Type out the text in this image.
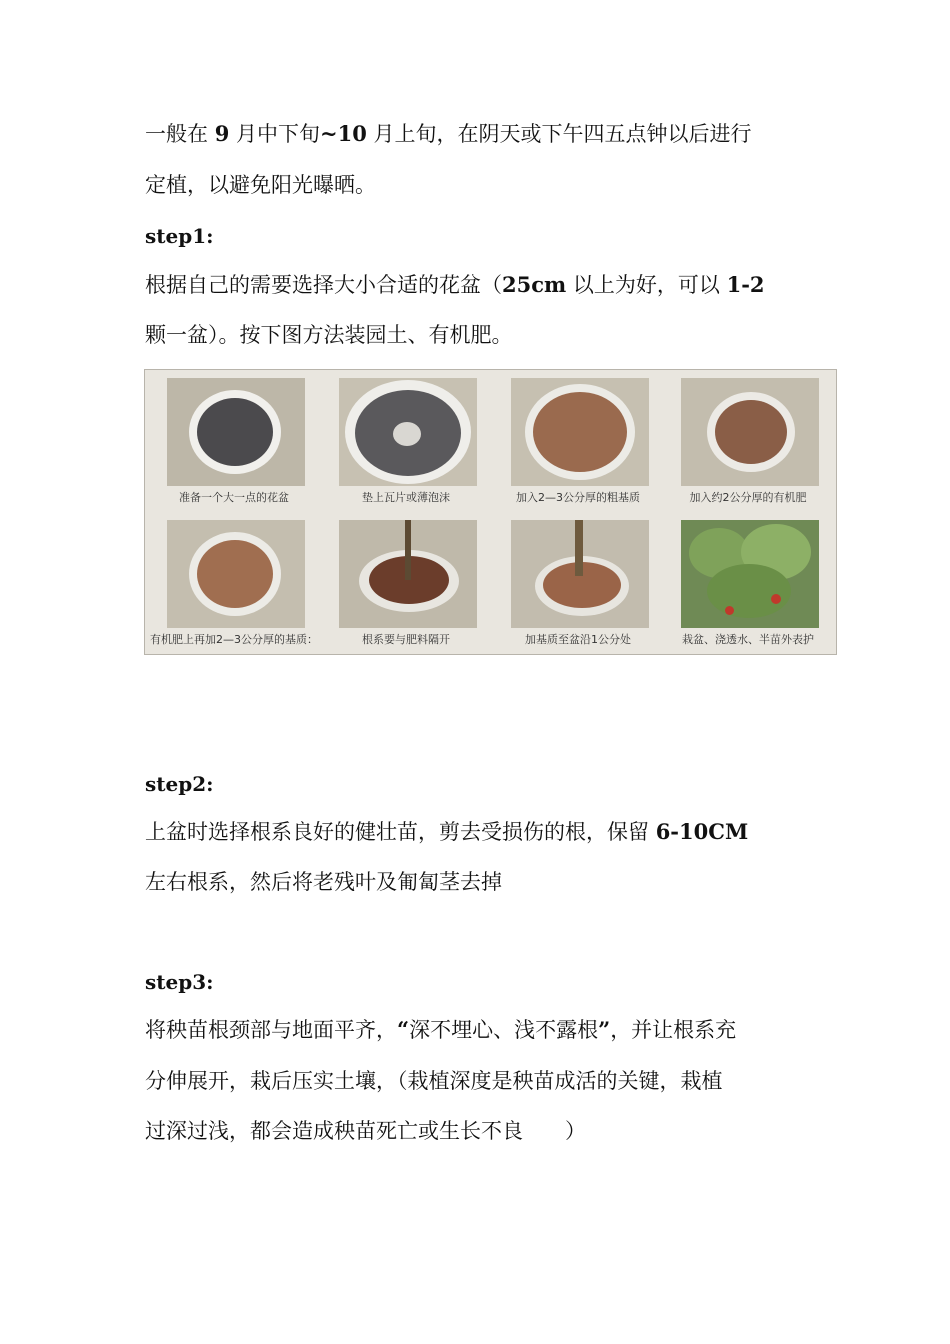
一般在 9 月中下旬~10 月上旬，在阴天或下午四五点钟以后进行
定植，以避免阳光曝晒。
step1:
根据自己的需要选择大小合适的花盆（25cm 以上为好，可以 1-2
颗一盆）。按下图方法装园土、有机肥。
准备一个大一点的花盆	垫上瓦片或薄泡沫	加入2—3公分厚的粗基质	加入约2公分厚的有机肥
有机肥上再加2—3公分厚的基质：	根系要与肥料隔开	加基质至盆沿1公分处	栽盆、浇透水、半苗外表护
step2:
上盆时选择根系良好的健壮苗，剪去受损伤的根，保留 6-10CM
左右根系，然后将老残叶及匍匐茎去掉
step3:
将秧苗根颈部与地面平齐，“深不埋心、浅不露根”，并让根系充
分伸展开，栽后压实土壤，（栽植深度是秧苗成活的关键，栽植
过深过浅，都会造成秧苗死亡或生长不良　　）
